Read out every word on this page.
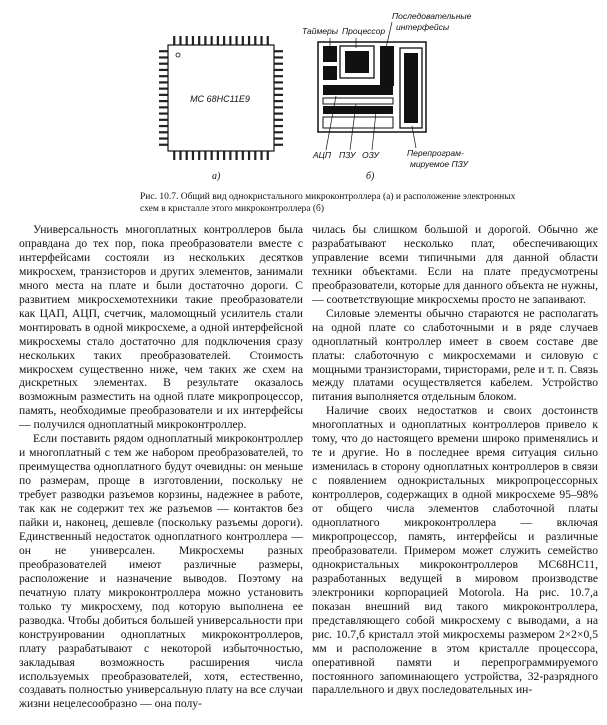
MC 68HC11E9
Таймеры Процессор
Последовательные
интерфейсы
АЦП ПЗУ ОЗУ	Перепрограм-
мируемое ПЗУ
а)	б)
Рис. 10.7. Общий вид однокристального микроконтроллера (а) и расположение электронных схем в кристалле этого микроконтроллера (б)

Универсальность многоплатных контроллеров была оправдана до тех пор, пока преобразователи вместе с интерфейсами состояли из нескольких десятков микросхем, транзисторов и других элементов, занимали много места на плате и были достаточно дороги. С развитием микросхемотехники такие преобразователи как ЦАП, АЦП, счетчик, маломощный усилитель стали монтировать в одной микросхеме, а одной интерфейсной микросхемы стало достаточно для подключения сразу нескольких таких преобразователей. Стоимость микросхем существенно ниже, чем таких же схем на дискретных элементах. В результате оказалось возможным разместить на одной плате микропроцессор, память, необходимые преобразователи и их интерфейсы — получился одноплатный микроконтроллер.

Если поставить рядом одноплатный микроконтроллер и многоплатный с тем же набором преобразователей, то преимущества одноплатного будут очевидны: он меньше по размерам, проще в изготовлении, поскольку не требует разводки разъемов корзины, надежнее в работе, так как не содержит тех же разъемов — контактов без пайки и, наконец, дешевле (поскольку разъемы дороги). Единственный недостаток одноплатного контроллера — он не универсален. Микросхемы разных преобразователей имеют различные размеры, расположение и назначение выводов. Поэтому на печатную плату микроконтроллера можно установить только ту микросхему, под которую выполнена ее разводка. Чтобы добиться большей универсальности при конструировании одноплатных микроконтроллеров, плату разрабатывают с некоторой избыточностью, закладывая возможность расширения числа используемых преобразователей, хотя, естественно, создавать полностью универсальную плату на все случаи жизни нецелесообразно — она полу-

чилась бы слишком большой и дорогой. Обычно же разрабатывают несколько плат, обеспечивающих управление всеми типичными для данной области техники объектами. Если на плате предусмотрены преобразователи, которые для данного объекта не нужны, — соответствующие микросхемы просто не запаивают.

Силовые элементы обычно стараются не располагать на одной плате со слаботочными и в ряде случаев одноплатный контроллер имеет в своем составе две платы: слаботочную с микросхемами и силовую с мощными транзисторами, тиристорами, реле и т. п. Связь между платами осуществляется кабелем. Устройство питания выполняется отдельным блоком.

Наличие своих недостатков и своих достоинств многоплатных и одноплатных контроллеров привело к тому, что до настоящего времени широко применялись и те и другие. Но в последнее время ситуация сильно изменилась в сторону одноплатных контроллеров в связи с появлением однокристальных микропроцессорных контроллеров, содержащих в одной микросхеме 95–98% от общего числа элементов слаботочной платы одноплатного микроконтроллера — включая микропроцессор, память, интерфейсы и различные преобразователи. Примером может служить семейство однокристальных микроконтроллеров MC68HC11, разработанных ведущей в мировом производстве электроники корпорацией Motorola. На рис. 10.7,а показан внешний вид такого микроконтроллера, представляющего собой микросхему с выводами, а на рис. 10.7,б кристалл этой микросхемы размером 2×2×0,5 мм и расположение в этом кристалле процессора, оперативной памяти и перепрограммируемого постоянного запоминающего устройства, 32-разрядного параллельного и двух последовательных ин-
